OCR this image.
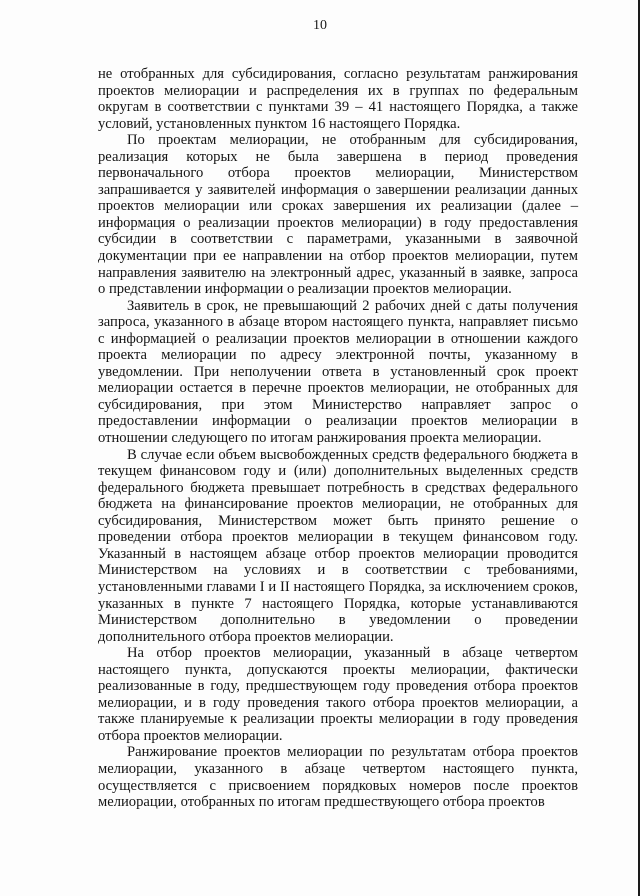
10

не отобранных для субсидирования, согласно результатам ранжирования проектов мелиорации и распределения их в группах по федеральным округам в соответствии с пунктами 39 – 41 настоящего Порядка, а также условий, установленных пунктом 16 настоящего Порядка.

По проектам мелиорации, не отобранным для субсидирования, реализация которых не была завершена в период проведения первоначального отбора проектов мелиорации, Министерством запрашивается у заявителей информация о завершении реализации данных проектов мелиорации или сроках завершения их реализации (далее – информация о реализации проектов мелиорации) в году предоставления субсидии в соответствии с параметрами, указанными в заявочной документации при ее направлении на отбор проектов мелиорации, путем направления заявителю на электронный адрес, указанный в заявке, запроса о представлении информации о реализации проектов мелиорации.

Заявитель в срок, не превышающий 2 рабочих дней с даты получения запроса, указанного в абзаце втором настоящего пункта, направляет письмо с информацией о реализации проектов мелиорации в отношении каждого проекта мелиорации по адресу электронной почты, указанному в уведомлении. При неполучении ответа в установленный срок проект мелиорации остается в перечне проектов мелиорации, не отобранных для субсидирования, при этом Министерство направляет запрос о предоставлении информации о реализации проектов мелиорации в отношении следующего по итогам ранжирования проекта мелиорации.

В случае если объем высвобожденных средств федерального бюджета в текущем финансовом году и (или) дополнительных выделенных средств федерального бюджета превышает потребность в средствах федерального бюджета на финансирование проектов мелиорации, не отобранных для субсидирования, Министерством может быть принято решение о проведении отбора проектов мелиорации в текущем финансовом году. Указанный в настоящем абзаце отбор проектов мелиорации проводится Министерством на условиях и в соответствии с требованиями, установленными главами I и II настоящего Порядка, за исключением сроков, указанных в пункте 7 настоящего Порядка, которые устанавливаются Министерством дополнительно в уведомлении о проведении дополнительного отбора проектов мелиорации.

На отбор проектов мелиорации, указанный в абзаце четвертом настоящего пункта, допускаются проекты мелиорации, фактически реализованные в году, предшествующем году проведения отбора проектов мелиорации, и в году проведения такого отбора проектов мелиорации, а также планируемые к реализации проекты мелиорации в году проведения отбора проектов мелиорации.

Ранжирование проектов мелиорации по результатам отбора проектов мелиорации, указанного в абзаце четвертом настоящего пункта, осуществляется с присвоением порядковых номеров после проектов мелиорации, отобранных по итогам предшествующего отбора проектов
